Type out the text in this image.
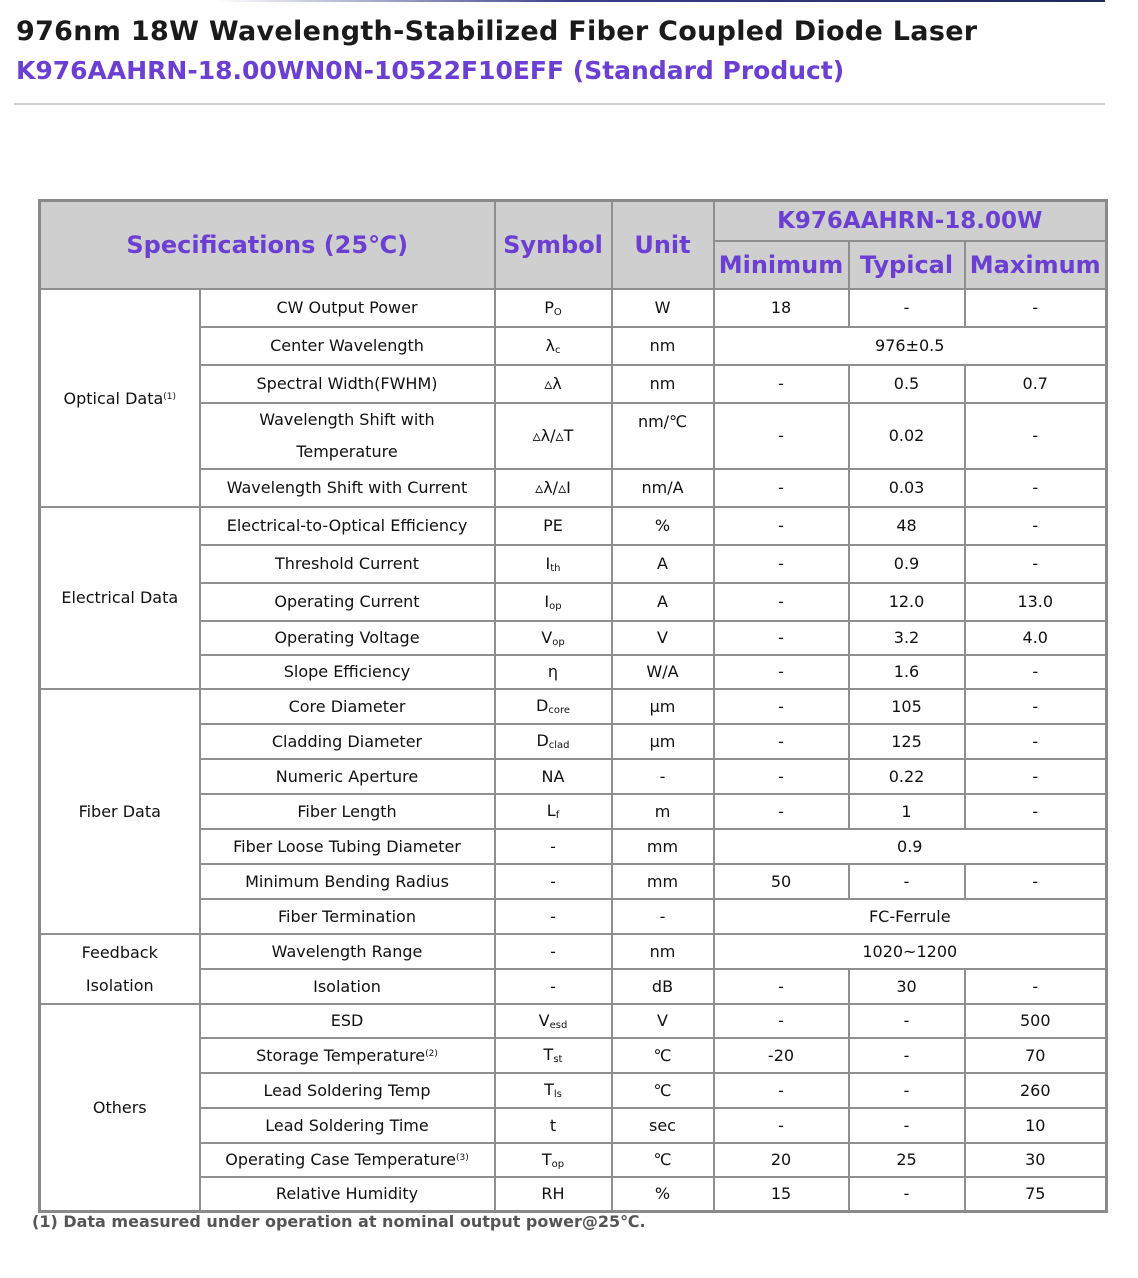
976nm 18W Wavelength-Stabilized Fiber Coupled Diode Laser
K976AAHRN-18.00WN0N-10522F10EFF (Standard Product)
Specifications (25℃)		Symbol	Unit	K976AAHRN-18.00W		
				Minimum	Typical	Maximum
Optical Data$^{(1)}$	CW Output Power	$P_O$	W	18	-	-
	Center Wavelength	$\lambda_c$	nm	976±0.5		
	Spectral Width(FWHM)	▵λ	nm	-	0.5	0.7
	Wavelength Shift with
Temperature	▵λ/▵T	nm/℃	-	0.02	-
	Wavelength Shift with Current	▵λ/▵I	nm/A	-	0.03	-
Electrical Data	Electrical-to-Optical Efficiency	PE	%	-	48	-
	Threshold Current	$I_{th}$	A	-	0.9	-
	Operating Current	$I_{op}$	A	-	12.0	13.0
	Operating Voltage	$V_{op}$	V	-	3.2	4.0
	Slope Efficiency	η	W/A	-	1.6	-
Fiber Data	Core Diameter	$D_{core}$	μm	-	105	-
	Cladding Diameter	$D_{clad}$	μm	-	125	-
	Numeric Aperture	NA	-	-	0.22	-
	Fiber Length	$L_f$	m	-	1	-
	Fiber Loose Tubing Diameter	-	mm	0.9		
	Minimum Bending Radius	-	mm	50	-	-
	Fiber Termination	-	-	FC-Ferrule		
Feedback
Isolation	Wavelength Range	-	nm	1020~1200		
	Isolation	-	dB	-	30	-
Others	ESD	$V_{esd}$	V	-	-	500
	Storage Temperature$^{(2)}$	$T_{st}$	℃	-20	-	70
	Lead Soldering Temp	$T_{ls}$	℃	-	-	260
	Lead Soldering Time	t	sec	-	-	10
	Operating Case Temperature$^{(3)}$	$T_{op}$	℃	20	25	30
	Relative Humidity	RH	%	15	-	75
(1) Data measured under operation at nominal output power@25℃.
